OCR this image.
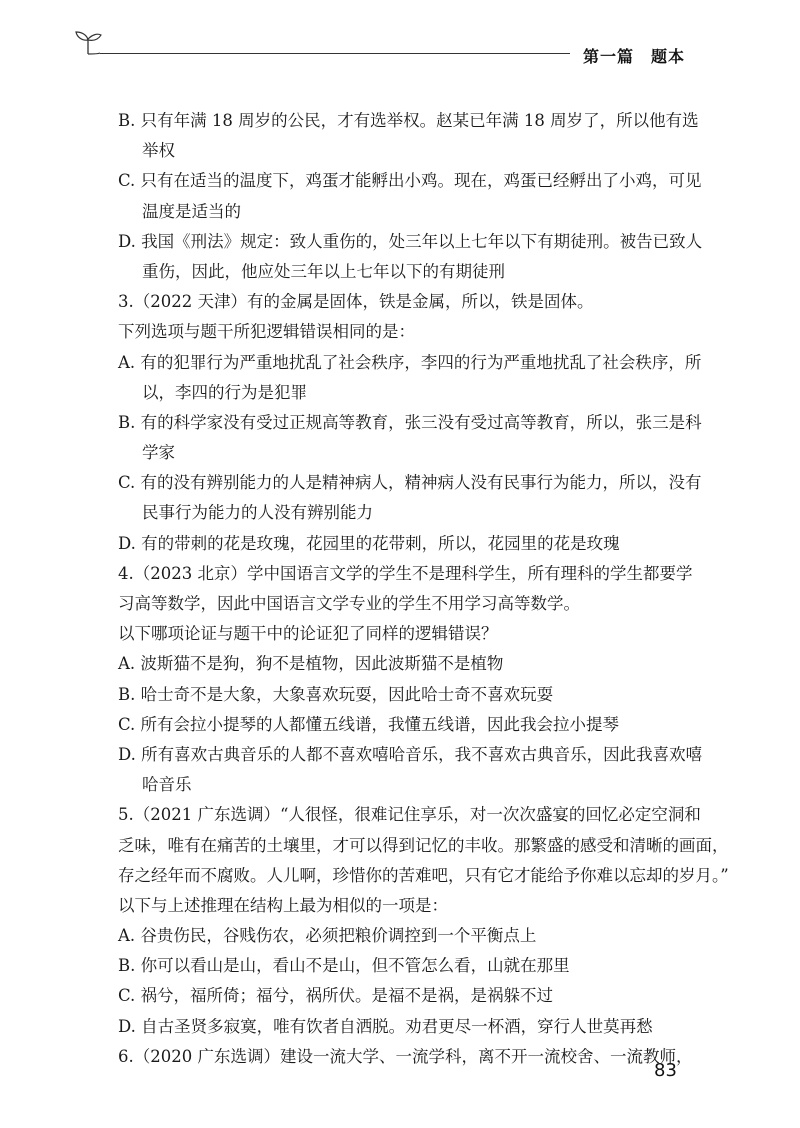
第一篇　题本
B. 只有年满 18 周岁的公民，才有选举权。赵某已年满 18 周岁了，所以他有选
举权
C. 只有在适当的温度下，鸡蛋才能孵出小鸡。现在，鸡蛋已经孵出了小鸡，可见
温度是适当的
D. 我国《刑法》规定：致人重伤的，处三年以上七年以下有期徒刑。被告已致人
重伤，因此，他应处三年以上七年以下的有期徒刑
3.（2022 天津）有的金属是固体，铁是金属，所以，铁是固体。
下列选项与题干所犯逻辑错误相同的是：
A. 有的犯罪行为严重地扰乱了社会秩序，李四的行为严重地扰乱了社会秩序，所
以，李四的行为是犯罪
B. 有的科学家没有受过正规高等教育，张三没有受过高等教育，所以，张三是科
学家
C. 有的没有辨别能力的人是精神病人，精神病人没有民事行为能力，所以，没有
民事行为能力的人没有辨别能力
D. 有的带刺的花是玫瑰，花园里的花带刺，所以，花园里的花是玫瑰
4.（2023 北京）学中国语言文学的学生不是理科学生，所有理科的学生都要学
习高等数学，因此中国语言文学专业的学生不用学习高等数学。
以下哪项论证与题干中的论证犯了同样的逻辑错误？
A. 波斯猫不是狗，狗不是植物，因此波斯猫不是植物
B. 哈士奇不是大象，大象喜欢玩耍，因此哈士奇不喜欢玩耍
C. 所有会拉小提琴的人都懂五线谱，我懂五线谱，因此我会拉小提琴
D. 所有喜欢古典音乐的人都不喜欢嘻哈音乐，我不喜欢古典音乐，因此我喜欢嘻
哈音乐
5.（2021 广东选调）“人很怪，很难记住享乐，对一次次盛宴的回忆必定空洞和
乏味，唯有在痛苦的土壤里，才可以得到记忆的丰收。那繁盛的感受和清晰的画面，
存之经年而不腐败。人儿啊，珍惜你的苦难吧，只有它才能给予你难以忘却的岁月。”
以下与上述推理在结构上最为相似的一项是：
A. 谷贵伤民，谷贱伤农，必须把粮价调控到一个平衡点上
B. 你可以看山是山，看山不是山，但不管怎么看，山就在那里
C. 祸兮，福所倚；福兮，祸所伏。是福不是祸，是祸躲不过
D. 自古圣贤多寂寞，唯有饮者自洒脱。劝君更尽一杯酒，穿行人世莫再愁
6.（2020 广东选调）建设一流大学、一流学科，离不开一流校舍、一流教师，
83
